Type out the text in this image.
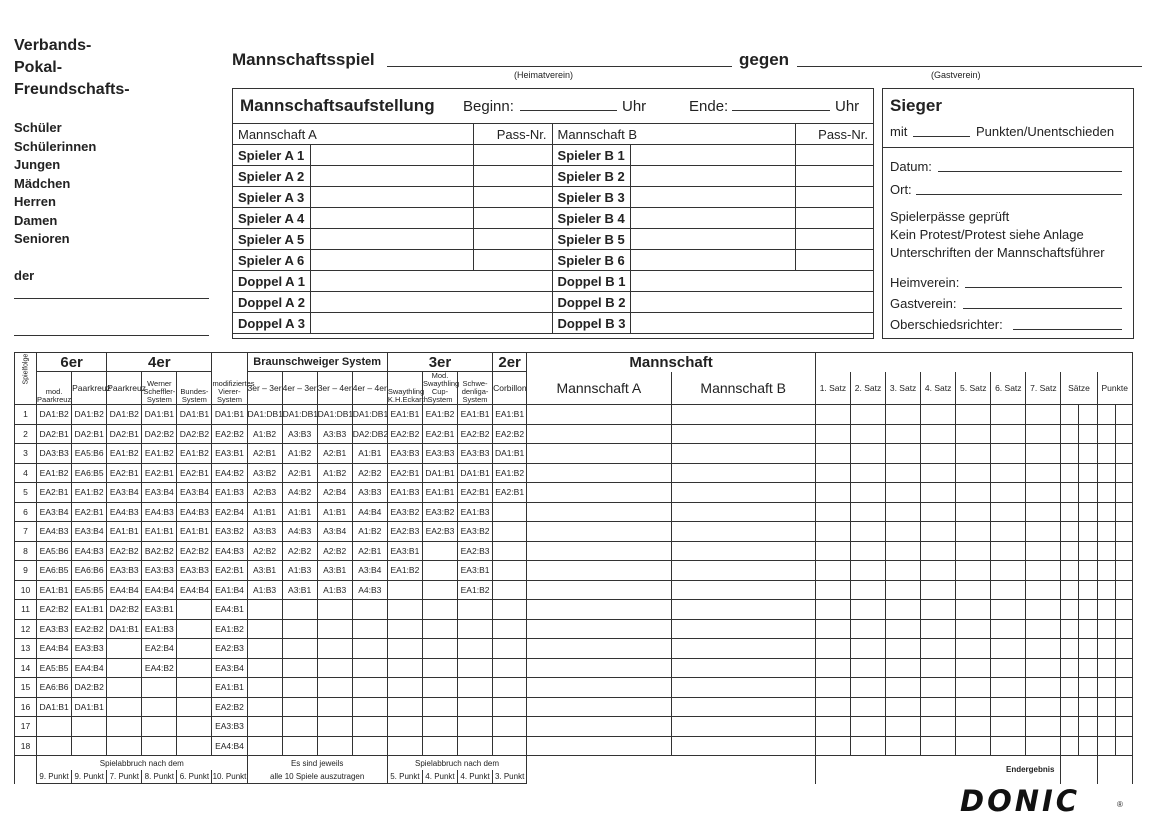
Verbands-
Pokal-
Freundschafts-
Schüler
Schülerinnen
Jungen
Mädchen
Herren
Damen
Senioren
der
Mannschaftsspiel	gegen
(Heimatverein)	(Gastverein)
Mannschaftsaufstellung Beginn:	Uhr	Ende:	Uhr
Mannschaft A		Pass-Nr.	Mannschaft B		Pass-Nr.
Spieler A 1			Spieler B 1		
Spieler A 2			Spieler B 2		
Spieler A 3			Spieler B 3		
Spieler A 4			Spieler B 4		
Spieler A 5			Spieler B 5		
Spieler A 6			Spieler B 6		
Doppel A 1			Doppel B 1		
Doppel A 2			Doppel B 2		
Doppel A 3			Doppel B 3		
Sieger
mit	Punkten/Unentschieden
Datum:
Ort:
Spielerpässe geprüft
Kein Protest/Protest siehe Anlage
Unterschriften der Mannschaftsführer
Heimverein:
Gastverein:
Oberschiedsrichter:
Spielfolge	6er		4er				Braunschweiger System				3er			2er	Mannschaft												
	mod. Paarkreuz	Paarkreuz	Paarkreuz	Werner Scheffler-System	Bundes-System	modifiziertes Vierer-System	3er – 3er	4er – 3er	3er – 4er	4er – 4er	Swaythling K.H.Eckarth	Mod. Swaythling Cup-System	Schwe-denliga-System	Corbillon	Mannschaft A	Mannschaft B	1. Satz	2. Satz	3. Satz	4. Satz	5. Satz	6. Satz	7. Satz	Sätze		Punkte	
1	DA1:B2	DA1:B2	DA1:B2	DA1:B1	DA1:B1	DA1:B1	DA1:DB1	DA1:DB1	DA1:DB1	DA1:DB1	EA1:B1	EA1:B2	EA1:B1	EA1:B1													
2	DA2:B1	DA2:B1	DA2:B1	DA2:B2	DA2:B2	EA2:B2	A1:B2	A3:B3	A3:B3	DA2:DB2	EA2:B2	EA2:B1	EA2:B2	EA2:B2													
3	DA3:B3	EA5:B6	EA1:B2	EA1:B2	EA1:B2	EA3:B1	A2:B1	A1:B2	A2:B1	A1:B1	EA3:B3	EA3:B3	EA3:B3	DA1:B1													
4	EA1:B2	EA6:B5	EA2:B1	EA2:B1	EA2:B1	EA4:B2	A3:B2	A2:B1	A1:B2	A2:B2	EA2:B1	DA1:B1	DA1:B1	EA1:B2													
5	EA2:B1	EA1:B2	EA3:B4	EA3:B4	EA3:B4	EA1:B3	A2:B3	A4:B2	A2:B4	A3:B3	EA1:B3	EA1:B1	EA2:B1	EA2:B1													
6	EA3:B4	EA2:B1	EA4:B3	EA4:B3	EA4:B3	EA2:B4	A1:B1	A1:B1	A1:B1	A4:B4	EA3:B2	EA3:B2	EA1:B3														
7	EA4:B3	EA3:B4	EA1:B1	EA1:B1	EA1:B1	EA3:B2	A3:B3	A4:B3	A3:B4	A1:B2	EA2:B3	EA2:B3	EA3:B2														
8	EA5:B6	EA4:B3	EA2:B2	BA2:B2	EA2:B2	EA4:B3	A2:B2	A2:B2	A2:B2	A2:B1	EA3:B1		EA2:B3														
9	EA6:B5	EA6:B6	EA3:B3	EA3:B3	EA3:B3	EA2:B1	A3:B1	A1:B3	A3:B1	A3:B4	EA1:B2		EA3:B1														
10	EA1:B1	EA5:B5	EA4:B4	EA4:B4	EA4:B4	EA1:B4	A1:B3	A3:B1	A1:B3	A4:B3			EA1:B2														
11	EA2:B2	EA1:B1	DA2:B2	EA3:B1		EA4:B1																					
12	EA3:B3	EA2:B2	DA1:B1	EA1:B3		EA1:B2																					
13	EA4:B4	EA3:B3		EA2:B4		EA2:B3																					
14	EA5:B5	EA4:B4		EA4:B2		EA3:B4																					
15	EA6:B6	DA2:B2				EA1:B1																					
16	DA1:B1	DA1:B1				EA2:B2																					
17						EA3:B3																					
18						EA4:B4																					
	Spielabbruch nach dem						Es sind jeweils				Spielabbruch nach dem						Endergebnis										
	9. Punkt	9. Punkt	7. Punkt	8. Punkt	6. Punkt	10. Punkt	alle 10 Spiele auszutragen				5. Punkt	4. Punkt	4. Punkt	3. Punkt													
DONIC	®
